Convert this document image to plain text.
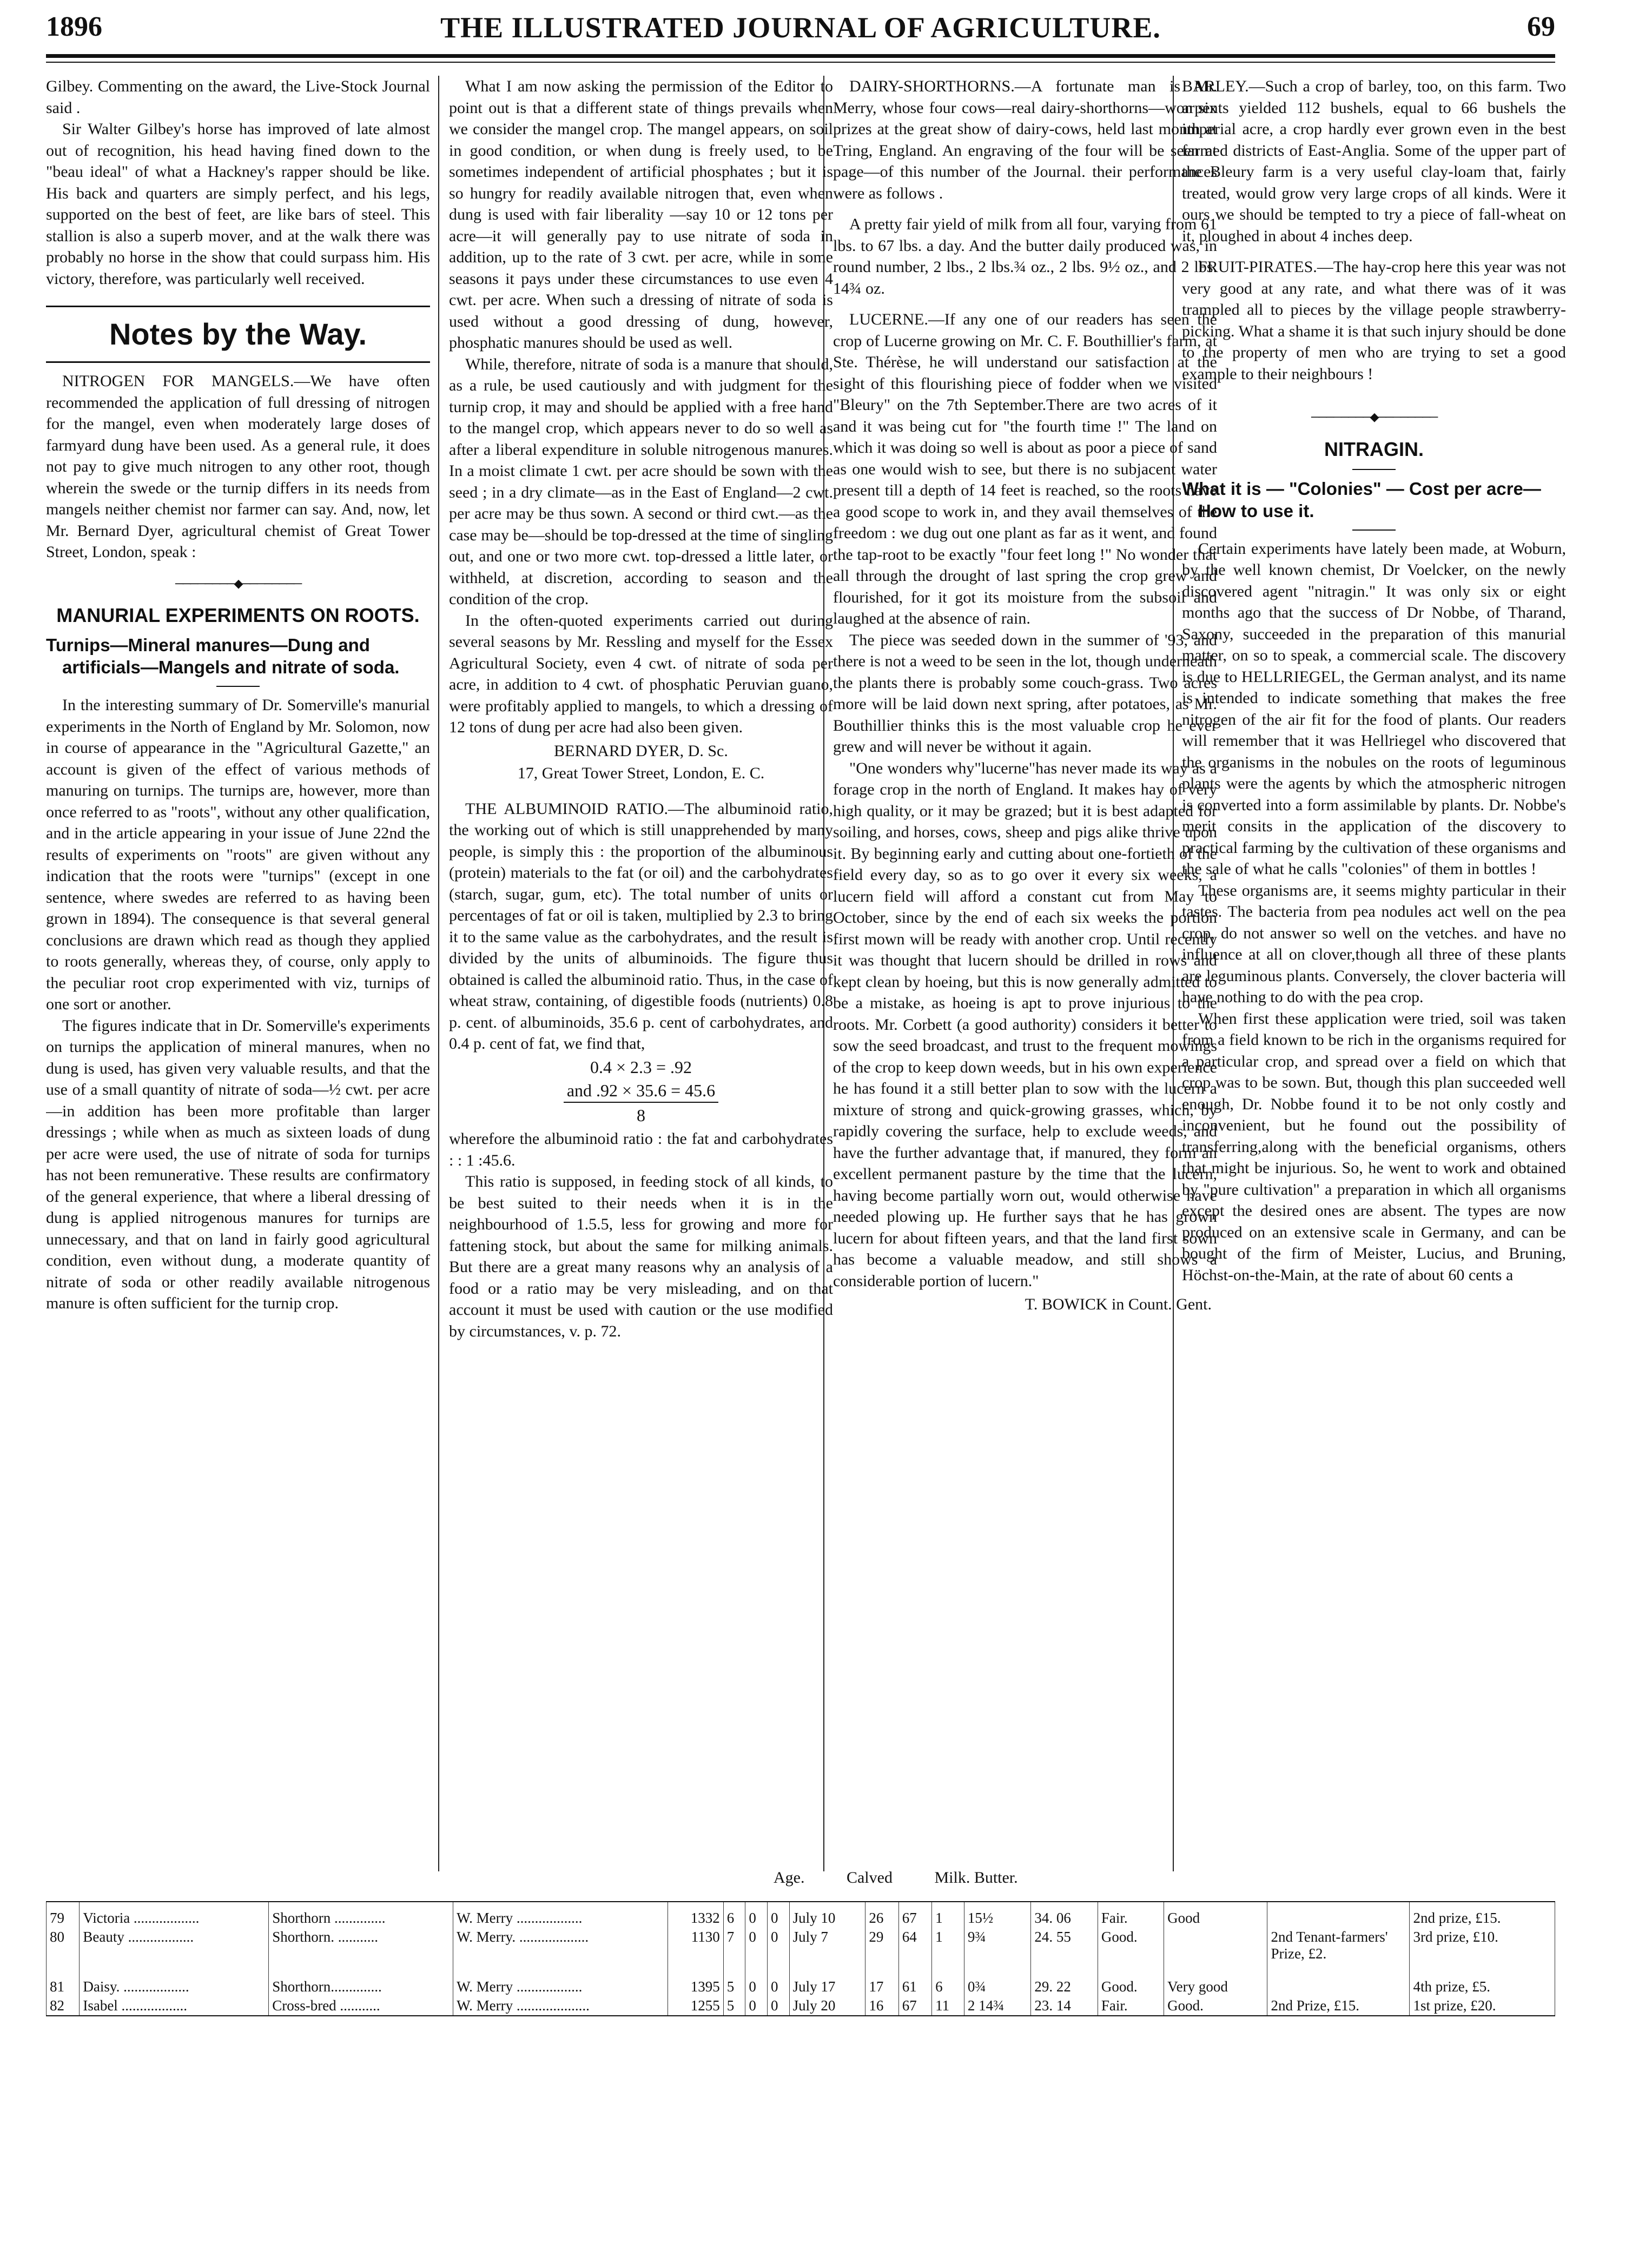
1896	THE ILLUSTRATED JOURNAL OF AGRICULTURE.	69

Gilbey. Commenting on the award, the Live-Stock Journal said .

Sir Walter Gilbey's horse has improved of late almost out of recognition, his head having fined down to the "beau ideal" of what a Hackney's rapper should be like. His back and quarters are simply perfect, and his legs, supported on the best of feet, are like bars of steel. This stallion is also a superb mover, and at the walk there was probably no horse in the show that could surpass him. His victory, therefore, was particularly well received.

Notes by the Way.

NITROGEN FOR MANGELS.—We have often recommended the application of full dressing of nitrogen for the mangel, even when moderately large doses of farmyard dung have been used. As a general rule, it does not pay to give much nitrogen to any other root, though wherein the swede or the turnip differs in its needs from mangels neither chemist nor farmer can say. And, now, let Mr. Bernard Dyer, agricultural chemist of Great Tower Street, London, speak :

────────◆────────
MANURIAL EXPERIMENTS ON ROOTS.
Turnips—Mineral manures—Dung and artificials—Mangels and nitrate of soda.

In the interesting summary of Dr. Somerville's manurial experiments in the North of England by Mr. Solomon, now in course of appearance in the "Agricultural Gazette," an account is given of the effect of various methods of manuring on turnips. The turnips are, however, more than once referred to as "roots", without any other qualification, and in the article appearing in your issue of June 22nd the results of experiments on "roots" are given without any indication that the roots were "turnips" (except in one sentence, where swedes are referred to as having been grown in 1894). The consequence is that several general conclusions are drawn which read as though they applied to roots generally, whereas they, of course, only apply to the peculiar root crop experimented with viz, turnips of one sort or another.

The figures indicate that in Dr. Somerville's experiments on turnips the application of mineral manures, when no dung is used, has given very valuable results, and that the use of a small quantity of nitrate of soda—½ cwt. per acre—in addition has been more profitable than larger dressings ; while when as much as sixteen loads of dung per acre were used, the use of nitrate of soda for turnips has not been remunerative. These results are confirmatory of the general experience, that where a liberal dressing of dung is applied nitrogenous manures for turnips are unnecessary, and that on land in fairly good agricultural condition, even without dung, a moderate quantity of nitrate of soda or other readily available nitrogenous manure is often sufficient for the turnip crop.

What I am now asking the permission of the Editor to point out is that a different state of things prevails when we consider the mangel crop. The mangel appears, on soil in good condition, or when dung is freely used, to be sometimes independent of artificial phosphates ; but it is so hungry for readily available nitrogen that, even when dung is used with fair liberality —say 10 or 12 tons per acre—it will generally pay to use nitrate of soda in addition, up to the rate of 3 cwt. per acre, while in some seasons it pays under these circumstances to use even 4 cwt. per acre. When such a dressing of nitrate of soda is used without a good dressing of dung, however, phosphatic manures should be used as well.

While, therefore, nitrate of soda is a manure that should, as a rule, be used cautiously and with judgment for the turnip crop, it may and should be applied with a free hand to the mangel crop, which appears never to do so well as after a liberal expenditure in soluble nitrogenous manures. In a moist climate 1 cwt. per acre should be sown with the seed ; in a dry climate—as in the East of England—2 cwt. per acre may be thus sown. A second or third cwt.—as the case may be—should be top-dressed at the time of singling out, and one or two more cwt. top-dressed a little later, or withheld, at discretion, according to season and the condition of the crop.

In the often-quoted experiments carried out during several seasons by Mr. Ressling and myself for the Essex Agricultural Society, even 4 cwt. of nitrate of soda per acre, in addition to 4 cwt. of phosphatic Peruvian guano, were profitably applied to mangels, to which a dressing of 12 tons of dung per acre had also been given.

BERNARD DYER, D. Sc.
17, Great Tower Street, London, E. C.

THE ALBUMINOID RATIO.—The albuminoid ratio, the working out of which is still unapprehended by many people, is simply this : the proportion of the albuminous (protein) materials to the fat (or oil) and the carbohydrates (starch, sugar, gum, etc). The total number of units or percentages of fat or oil is taken, multiplied by 2.3 to bring it to the same value as the carbohydrates, and the result is divided by the units of albuminoids. The figure thus obtained is called the albuminoid ratio. Thus, in the case of wheat straw, containing, of digestible foods (nutrients) 0.8 p. cent. of albuminoids, 35.6 p. cent of carbohydrates, and 0.4 p. cent of fat, we find that,

0.4 × 2.3 = .92
and .92 × 35.6 = 45.6
8

wherefore the albuminoid ratio : the fat and carbohydrates : : 1 :45.6.

This ratio is supposed, in feeding stock of all kinds, to be best suited to their needs when it is in the neighbourhood of 1.5.5, less for growing and more for fattening stock, but about the same for milking animals. But there are a great many reasons why an analysis of a food or a ratio may be very misleading, and on that account it must be used with caution or the use modified by circumstances, v. p. 72.

DAIRY-SHORTHORNS.—A fortunate man is Mr. Merry, whose four cows—real dairy-shorthorns—won six prizes at the great show of dairy-cows, held last month at Tring, England. An engraving of the four will be seen at page—of this number of the Journal. their performances were as follows .

A pretty fair yield of milk from all four, varying from 61 lbs. to 67 lbs. a day. And the butter daily produced was, in round number, 2 lbs., 2 lbs.¾ oz., 2 lbs. 9½ oz., and 2 lbs. 14¾ oz.

LUCERNE.—If any one of our readers has seen the crop of Lucerne growing on Mr. C. F. Bouthillier's farm, at Ste. Thérèse, he will understand our satisfaction at the sight of this flourishing piece of fodder when we visited "Bleury" on the 7th September.There are two acres of it and it was being cut for "the fourth time !" The land on which it was doing so well is about as poor a piece of sand as one would wish to see, but there is no subjacent water present till a depth of 14 feet is reached, so the roots have a good scope to work in, and they avail themselves of the freedom : we dug out one plant as far as it went, and found the tap-root to be exactly "four feet long !" No wonder that all through the drought of last spring the crop grew and flourished, for it got its moisture from the subsoil and laughed at the absence of rain.

The piece was seeded down in the summer of '93, and there is not a weed to be seen in the lot, though underneath the plants there is probably some couch-grass. Two acres more will be laid down next spring, after potatoes, as Mr. Bouthillier thinks this is the most valuable crop he ever grew and will never be without it again.

"One wonders why"lucerne"has never made its way as a forage crop in the north of England. It makes hay of very high quality, or it may be grazed; but it is best adapted for soiling, and horses, cows, sheep and pigs alike thrive upon it. By beginning early and cutting about one-fortieth of the field every day, so as to go over it every six weeks, a lucern field will afford a constant cut from May to October, since by the end of each six weeks the portion first mown will be ready with another crop. Until recently it was thought that lucern should be drilled in rows and kept clean by hoeing, but this is now generally admitted to be a mistake, as hoeing is apt to prove injurious to the roots. Mr. Corbett (a good authority) considers it better to sow the seed broadcast, and trust to the frequent mowings of the crop to keep down weeds, but in his own experience he has found it a still better plan to sow with the lucern a mixture of strong and quick-growing grasses, which, by rapidly covering the surface, help to exclude weeds, and have the further advantage that, if manured, they form an excellent permanent pasture by the time that the lucern, having become partially worn out, would otherwise have needed plowing up. He further says that he has grown lucern for about fifteen years, and that the land first sown has become a valuable meadow, and still shows a considerable portion of lucern."

T. BOWICK in Count. Gent.

BARLEY.—Such a crop of barley, too, on this farm. Two arpents yielded 112 bushels, equal to 66 bushels the imperial acre, a crop hardly ever grown even in the best farmed districts of East-Anglia. Some of the upper part of the Bleury farm is a very useful clay-loam that, fairly treated, would grow very large crops of all kinds. Were it ours we should be tempted to try a piece of fall-wheat on it, ploughed in about 4 inches deep.

FRUIT-PIRATES.—The hay-crop here this year was not very good at any rate, and what there was of it was trampled all to pieces by the village people strawberry-picking. What a shame it is that such injury should be done to the property of men who are trying to set a good example to their neighbours !

────────◆────────
NITRAGIN.
What it is — "Colonies" — Cost per acre—How to use it.

Certain experiments have lately been made, at Woburn, by the well known chemist, Dr Voelcker, on the newly discovered agent "nitragin." It was only six or eight months ago that the success of Dr Nobbe, of Tharand, Saxony, succeeded in the preparation of this manurial matter, on so to speak, a commercial scale. The discovery is due to HELLRIEGEL, the German analyst, and its name is intended to indicate something that makes the free nitrogen of the air fit for the food of plants. Our readers will remember that it was Hellriegel who discovered that the organisms in the nobules on the roots of leguminous plants were the agents by which the atmospheric nitrogen is converted into a form assimilable by plants. Dr. Nobbe's merit consits in the application of the discovery to practical farming by the cultivation of these organisms and the sale of what he calls "colonies" of them in bottles !

These organisms are, it seems mighty particular in their tastes. The bacteria from pea nodules act well on the pea crop, do not answer so well on the vetches. and have no influence at all on clover,though all three of these plants are leguminous plants. Conversely, the clover bacteria will have nothing to do with the pea crop.

When first these application were tried, soil was taken from a field known to be rich in the organisms required for a particular crop, and spread over a field on which that crop was to be sown. But, though this plan succeeded well enough, Dr. Nobbe found it to be not only costly and inconvenient, but he found out the possibility of transferring,along with the beneficial organisms, others that might be injurious. So, he went to work and obtained by "pure cultivation" a preparation in which all organisms except the desired ones are absent. The types are now produced on an extensive scale in Germany, and can be bought of the firm of Meister, Lucius, and Bruning, Höchst-on-the-Main, at the rate of about 60 cents a

Age.	Calved	Milk. Butter.
79	Victoria ..................	Shorthorn ..............	W. Merry ..................	1332	6	0	0	July 10	26	67	1	15½	34. 06	Fair.	Good		2nd prize, £15.
80	Beauty ..................	Shorthorn. ...........	W. Merry. ...................	1130	7	0	0	July 7	29	64	1	9¾	24. 55	Good.		2nd Tenant-farmers' Prize, £2.	3rd prize, £10.
81	Daisy. ..................	Shorthorn..............	W. Merry ..................	1395	5	0	0	July 17	17	61	6	0¾	29. 22	Good.	Very good		4th prize, £5.
82	Isabel ..................	Cross-bred ...........	W. Merry ....................	1255	5	0	0	July 20	16	67	11	2 14¾	23. 14	Fair.	Good.	2nd Prize, £15.	1st prize, £20.
